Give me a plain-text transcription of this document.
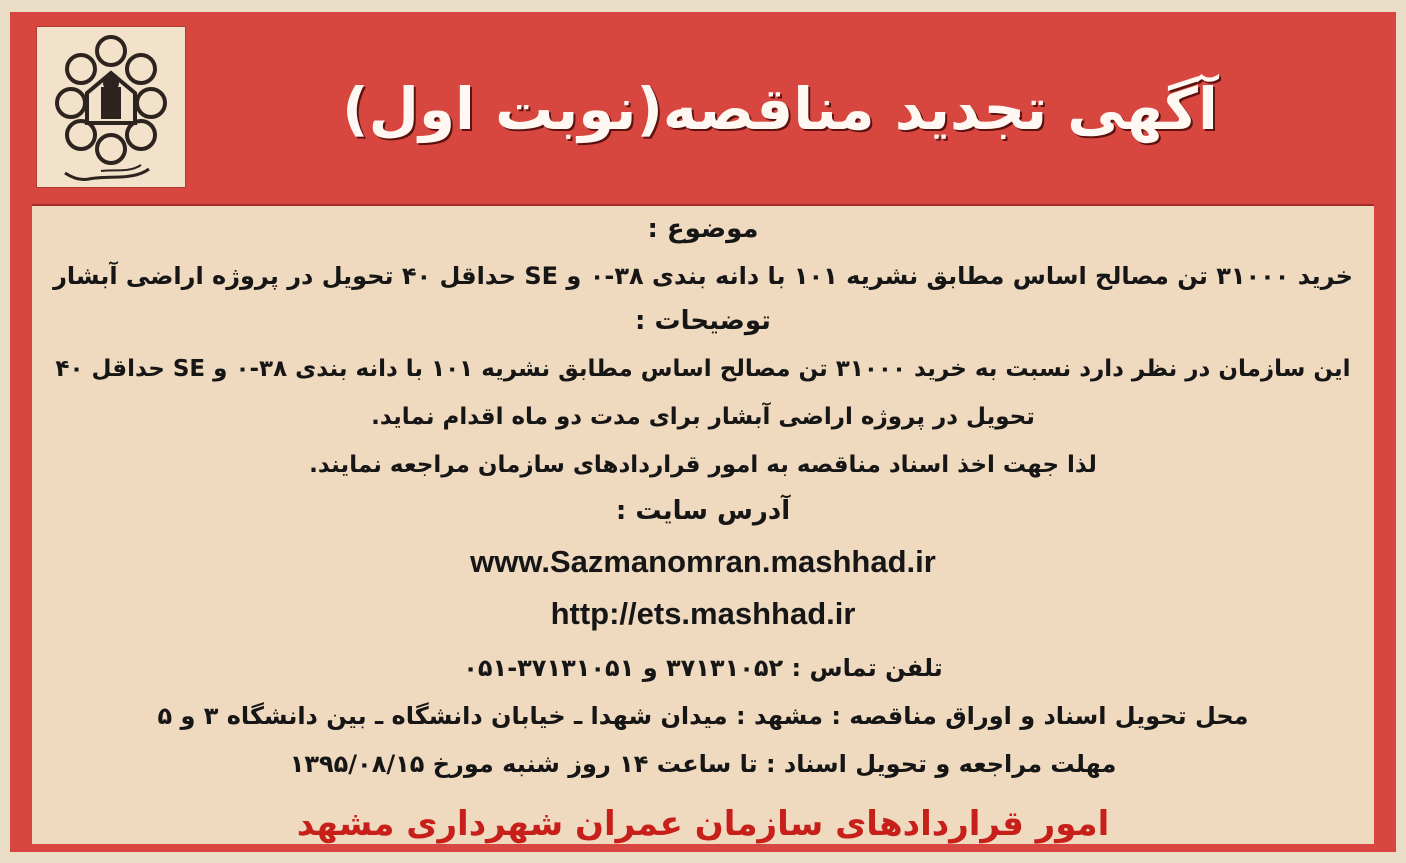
آگهی تجدید مناقصه(نوبت اول)
موضوع :
خرید ۳۱۰۰۰ تن مصالح اساس مطابق نشریه ۱۰۱ با دانه بندی ۳۸-۰ و SE حداقل ۴۰ تحویل در پروژه اراضی آبشار
توضیحات :
این سازمان در نظر دارد نسبت به خرید ۳۱۰۰۰ تن مصالح اساس مطابق نشریه ۱۰۱ با دانه بندی ۳۸-۰ و SE حداقل ۴۰
تحویل در پروژه اراضی آبشار برای مدت دو ماه اقدام نماید.
لذا جهت اخذ اسناد مناقصه به امور قراردادهای سازمان مراجعه نمایند.
آدرس سایت :
www.Sazmanomran.mashhad.ir
http://ets.mashhad.ir
تلفن تماس : ۳۷۱۳۱۰۵۲ و ۳۷۱۳۱۰۵۱-۰۵۱
محل تحویل اسناد و اوراق مناقصه : مشهد : میدان شهدا ـ خیابان دانشگاه ـ بین دانشگاه ۳ و ۵
مهلت مراجعه و تحویل اسناد : تا ساعت ۱۴ روز شنبه مورخ ۱۳۹۵/۰۸/۱۵
امور قراردادهای سازمان عمران شهرداری مشهد
